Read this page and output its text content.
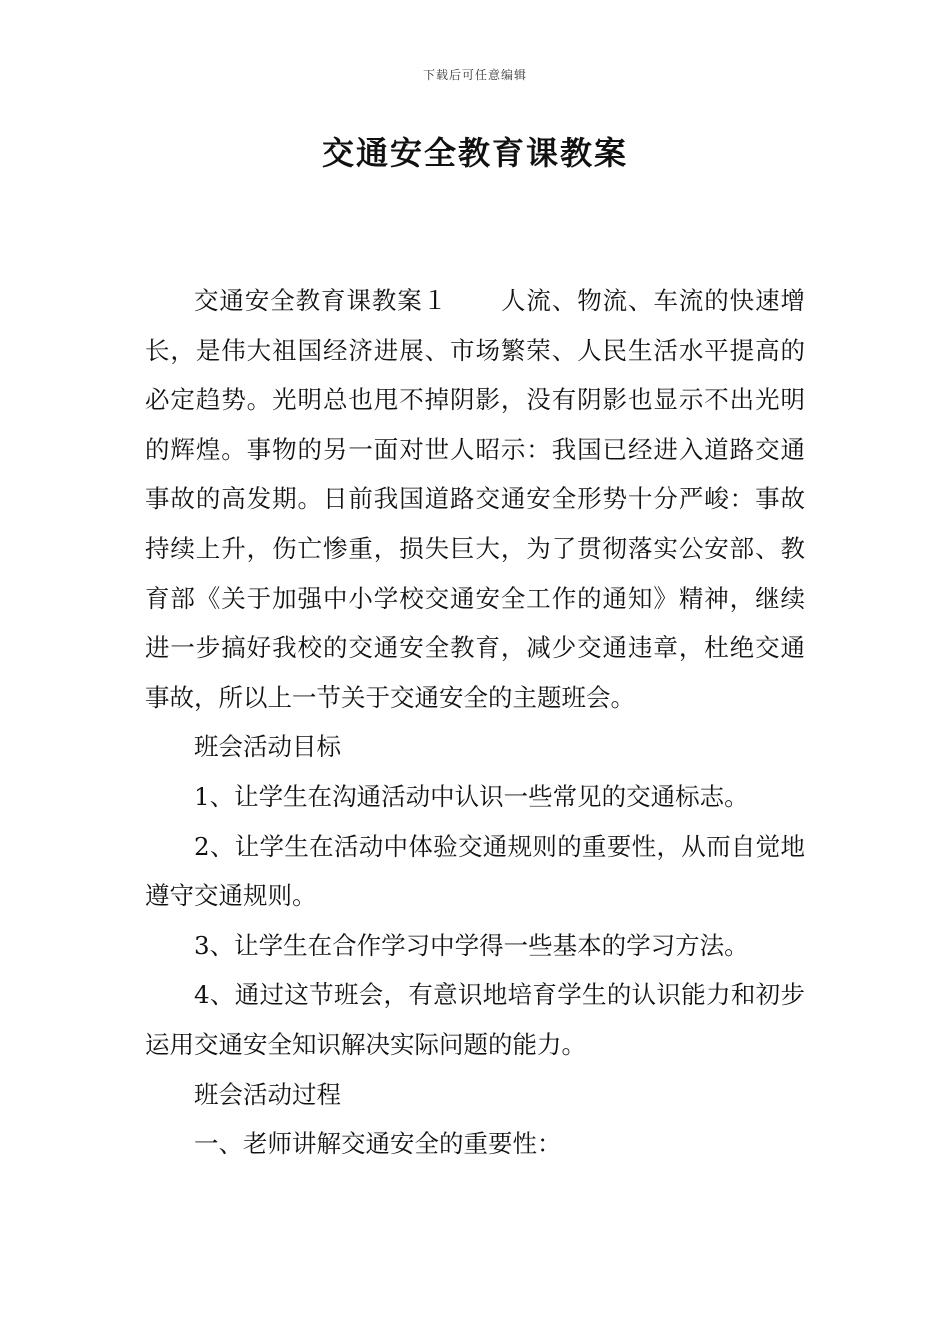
下载后可任意编辑
交通安全教育课教案

交通安全教育课教案１ 人流、物流、车流的快速增长，是伟大祖国经济进展、市场繁荣、人民生活水平提高的必定趋势。光明总也甩不掉阴影，没有阴影也显示不出光明的辉煌。事物的另一面对世人昭示：我国已经进入道路交通事故的高发期。日前我国道路交通安全形势十分严峻：事故持续上升，伤亡惨重，损失巨大，为了贯彻落实公安部、教育部《关于加强中小学校交通安全工作的通知》精神，继续进一步搞好我校的交通安全教育，减少交通违章，杜绝交通事故，所以上一节关于交通安全的主题班会。

班会活动目标

1、让学生在沟通活动中认识一些常见的交通标志。

2、让学生在活动中体验交通规则的重要性，从而自觉地遵守交通规则。

3、让学生在合作学习中学得一些基本的学习方法。

4、通过这节班会，有意识地培育学生的认识能力和初步运用交通安全知识解决实际问题的能力。

班会活动过程

一、老师讲解交通安全的重要性：
